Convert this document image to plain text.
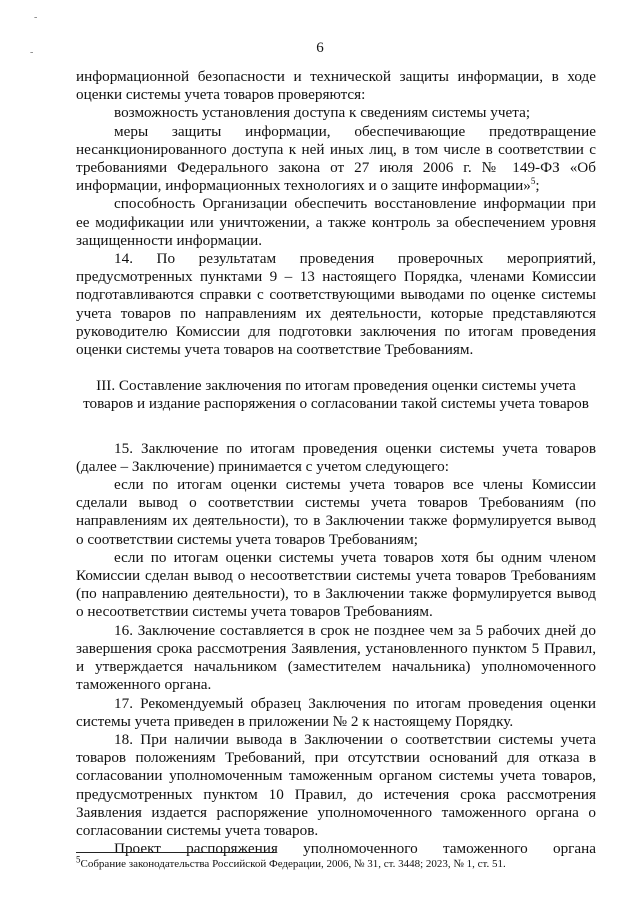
-
-	6

информационной безопасности и технической защиты информации, в ходе оценки системы учета товаров проверяются:

возможность установления доступа к сведениям системы учета;

меры защиты информации, обеспечивающие предотвращение несанкционированного доступа к ней иных лиц, в том числе в соответствии с требованиями Федерального закона от 27 июля 2006 г. № 149-ФЗ «Об информации, информационных технологиях и о защите информации»$^5$;

способность Организации обеспечить восстановление информации при ее модификации или уничтожении, а также контроль за обеспечением уровня защищенности информации.

14. По результатам проведения проверочных мероприятий, предусмотренных пунктами 9 – 13 настоящего Порядка, членами Комиссии подготавливаются справки с соответствующими выводами по оценке системы учета товаров по направлениям их деятельности, которые представляются руководителю Комиссии для подготовки заключения по итогам проведения оценки системы учета товаров на соответствие Требованиям.

III. Составление заключения по итогам проведения оценки системы учета товаров и издание распоряжения о согласовании такой системы учета товаров

15. Заключение по итогам проведения оценки системы учета товаров (далее – Заключение) принимается с учетом следующего:

если по итогам оценки системы учета товаров все члены Комиссии сделали вывод о соответствии системы учета товаров Требованиям (по направлениям их деятельности), то в Заключении также формулируется вывод о соответствии системы учета товаров Требованиям;

если по итогам оценки системы учета товаров хотя бы одним членом Комиссии сделан вывод о несоответствии системы учета товаров Требованиям (по направлению деятельности), то в Заключении также формулируется вывод о несоответствии системы учета товаров Требованиям.

16. Заключение составляется в срок не позднее чем за 5 рабочих дней до завершения срока рассмотрения Заявления, установленного пунктом 5 Правил, и утверждается начальником (заместителем начальника) уполномоченного таможенного органа.

17. Рекомендуемый образец Заключения по итогам проведения оценки системы учета приведен в приложении № 2 к настоящему Порядку.

18. При наличии вывода в Заключении о соответствии системы учета товаров положениям Требований, при отсутствии оснований для отказа в согласовании уполномоченным таможенным органом системы учета товаров, предусмотренных пунктом 10 Правил, до истечения срока рассмотрения Заявления издается распоряжение уполномоченного таможенного органа о согласовании системы учета товаров.

Проект распоряжения уполномоченного таможенного органа

$^5$Собрание законодательства Российской Федерации, 2006, № 31, ст. 3448; 2023, № 1, ст. 51.
